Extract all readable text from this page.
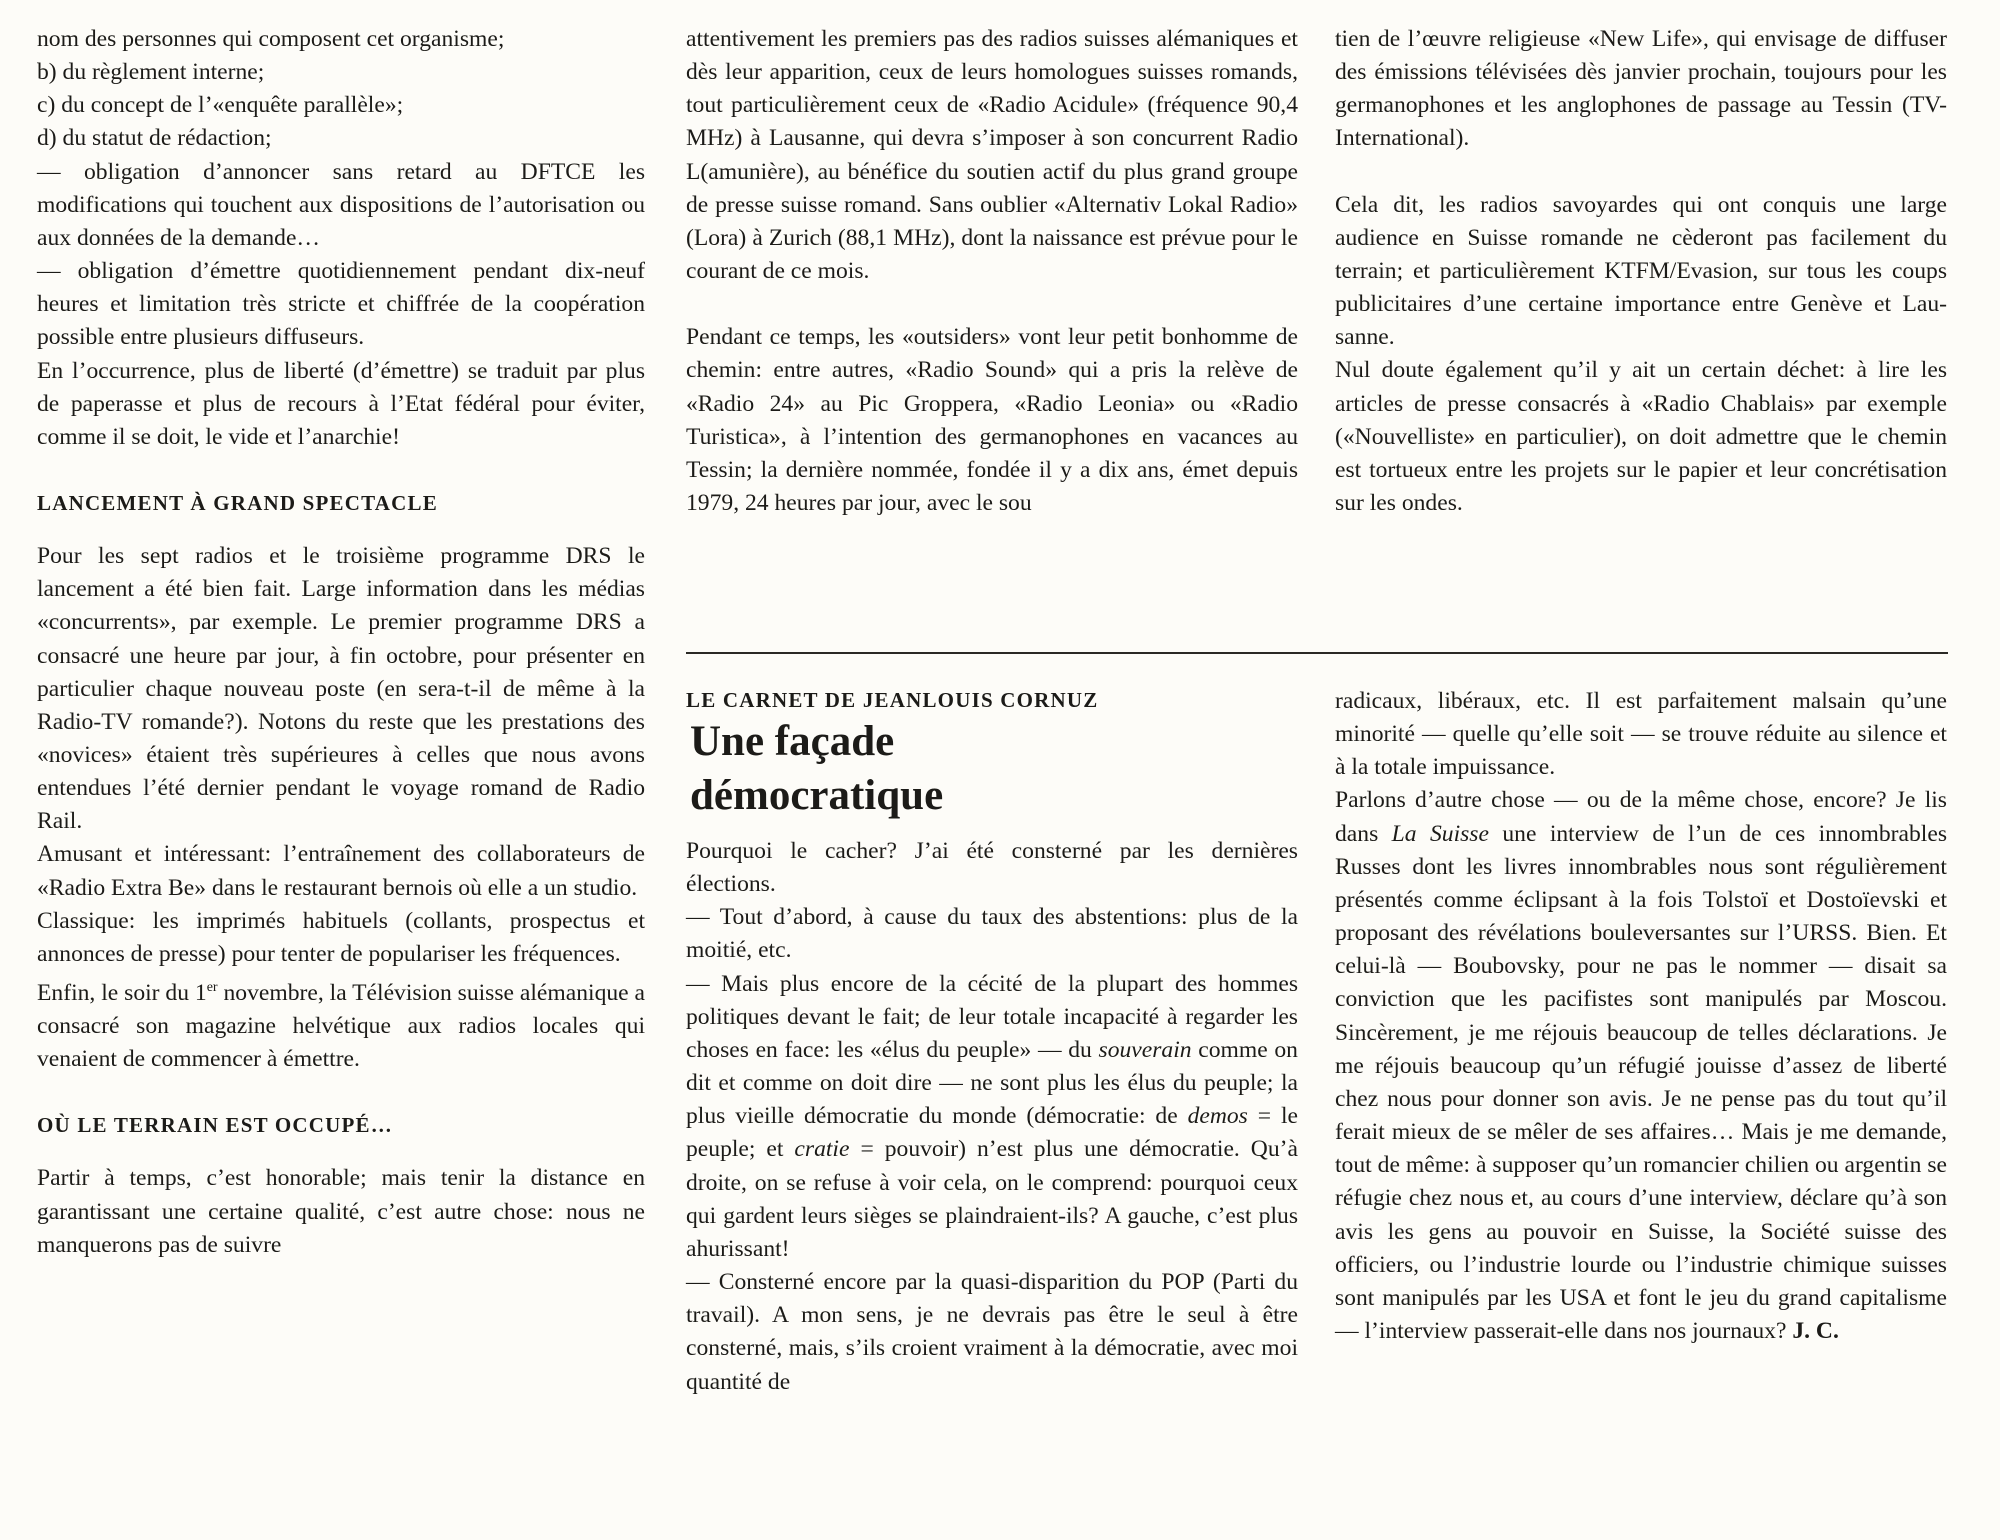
nom des personnes qui composent cet organisme;

b) du règlement interne;

c) du concept de l’«enquête parallèle»;

d) du statut de rédaction;

— obligation d’annoncer sans retard au DFTCE les modifications qui touchent aux dispositions de l’autorisation ou aux données de la demande…

— obligation d’émettre quotidiennement pendant dix-neuf heures et limitation très stricte et chiffrée de la coopération possible entre plusieurs diffuseurs.

En l’occurrence, plus de liberté (d’émettre) se traduit par plus de paperasse et plus de recours à l’Etat fédéral pour éviter, comme il se doit, le vide et l’anarchie!

LANCEMENT À GRAND SPECTACLE

Pour les sept radios et le troisième programme DRS le lancement a été bien fait. Large information dans les médias «concurrents», par exemple. Le premier programme DRS a consacré une heure par jour, à fin octobre, pour présenter en particulier chaque nouveau poste (en sera-t-il de même à la Radio-TV romande?). Notons du reste que les prestations des «novices» étaient très supérieures à celles que nous avons entendues l’été dernier pendant le voyage romand de Radio Rail.

Amusant et intéressant: l’entraînement des collaborateurs de «Radio Extra Be» dans le restaurant bernois où elle a un studio.

Classique: les imprimés habituels (collants, prospectus et annonces de presse) pour tenter de populariser les fréquences.

Enfin, le soir du 1er novembre, la Télévision suisse alémanique a consacré son magazine helvétique aux radios locales qui venaient de commencer à émettre.

OÙ LE TERRAIN EST OCCUPÉ…

Partir à temps, c’est honorable; mais tenir la distance en garantissant une certaine qualité, c’est autre chose: nous ne manquerons pas de suivre

attentivement les premiers pas des radios suisses alémaniques et dès leur apparition, ceux de leurs homologues suisses romands, tout particulièrement ceux de «Radio Acidule» (fréquence 90,4 MHz) à Lausanne, qui devra s’imposer à son concurrent Radio L(amunière), au bénéfice du soutien actif du plus grand groupe de presse suisse romand. Sans oublier «Alternativ Lokal Radio» (Lora) à Zurich (88,1 MHz), dont la naissance est prévue pour le courant de ce mois.

Pendant ce temps, les «outsiders» vont leur petit bonhomme de chemin: entre autres, «Radio Sound» qui a pris la relève de «Radio 24» au Pic Groppera, «Radio Leonia» ou «Radio Turistica», à l’intention des germanophones en vacances au Tessin; la dernière nommée, fondée il y a dix ans, émet depuis 1979, 24 heures par jour, avec le sou

tien de l’œuvre religieuse «New Life», qui envisage de diffuser des émissions télévisées dès janvier prochain, toujours pour les germanophones et les anglophones de passage au Tessin (TV-International).

Cela dit, les radios savoyardes qui ont conquis une large audience en Suisse romande ne cèderont pas facilement du terrain; et particulièrement KTFM/Evasion, sur tous les coups publicitaires d’une certaine importance entre Genève et Lausanne.

Nul doute également qu’il y ait un certain déchet: à lire les articles de presse consacrés à «Radio Chablais» par exemple («Nouvelliste» en particulier), on doit admettre que le chemin est tortueux entre les projets sur le papier et leur concrétisation sur les ondes.

LE CARNET DE JEANLOUIS CORNUZ

Une façade
démocratique

Pourquoi le cacher? J’ai été consterné par les dernières élections.

— Tout d’abord, à cause du taux des abstentions: plus de la moitié, etc.

— Mais plus encore de la cécité de la plupart des hommes politiques devant le fait; de leur totale incapacité à regarder les choses en face: les «élus du peuple» — du souverain comme on dit et comme on doit dire — ne sont plus les élus du peuple; la plus vieille démocratie du monde (démocratie: de demos = le peuple; et cratie = pouvoir) n’est plus une démocratie. Qu’à droite, on se refuse à voir cela, on le comprend: pourquoi ceux qui gardent leurs sièges se plaindraient-ils? A gauche, c’est plus ahurissant!

— Consterné encore par la quasi-disparition du POP (Parti du travail). A mon sens, je ne devrais pas être le seul à être consterné, mais, s’ils croient vraiment à la démocratie, avec moi quantité de

radicaux, libéraux, etc. Il est parfaitement malsain qu’une minorité — quelle qu’elle soit — se trouve réduite au silence et à la totale impuissance.

Parlons d’autre chose — ou de la même chose, encore? Je lis dans La Suisse une interview de l’un de ces innombrables Russes dont les livres innombrables nous sont régulièrement présentés comme éclipsant à la fois Tolstoï et Dostoïevski et proposant des révélations bouleversantes sur l’URSS. Bien. Et celui-là — Boubovsky, pour ne pas le nommer — disait sa conviction que les pacifistes sont manipulés par Moscou. Sincèrement, je me réjouis beaucoup de telles déclarations. Je me réjouis beaucoup qu’un réfugié jouisse d’assez de liberté chez nous pour donner son avis. Je ne pense pas du tout qu’il ferait mieux de se mêler de ses affaires… Mais je me demande, tout de même: à supposer qu’un romancier chilien ou argentin se réfugie chez nous et, au cours d’une interview, déclare qu’à son avis les gens au pouvoir en Suisse, la Société suisse des officiers, ou l’industrie lourde ou l’industrie chimique suisses sont manipulés par les USA et font le jeu du grand capitalisme — l’interview passerait-elle dans nos journaux? J. C.
